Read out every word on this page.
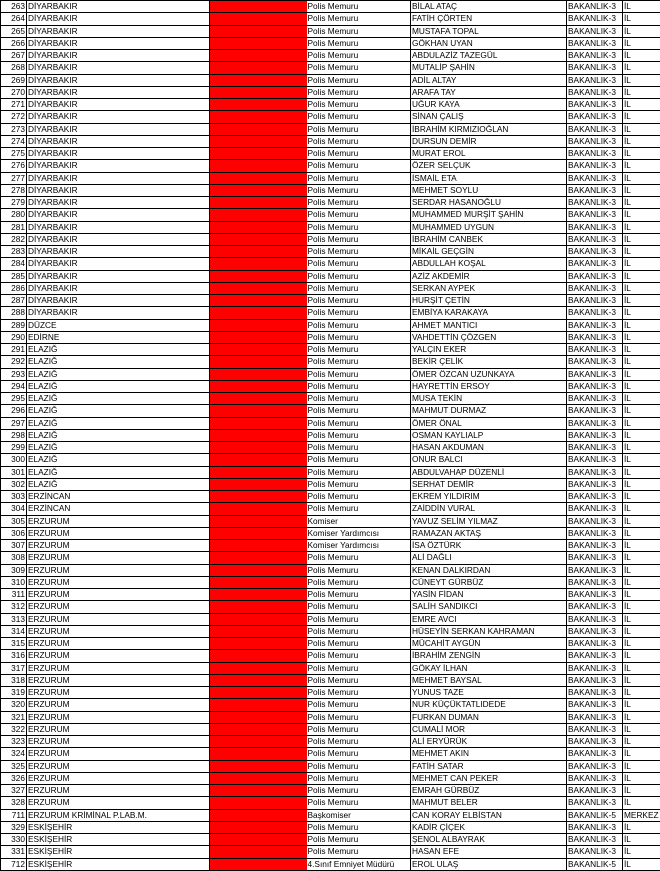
263	DİYARBAKIR		Polis Memuru	BİLAL ATAÇ	BAKANLIK-3	İL
264	DİYARBAKIR		Polis Memuru	FATİH ÇÖRTEN	BAKANLIK-3	İL
265	DİYARBAKIR		Polis Memuru	MUSTAFA TOPAL	BAKANLIK-3	İL
266	DİYARBAKIR		Polis Memuru	GÖKHAN UYAN	BAKANLIK-3	İL
267	DİYARBAKIR		Polis Memuru	ABDULAZİZ TAZEGÜL	BAKANLIK-3	İL
268	DİYARBAKIR		Polis Memuru	MUTALİP ŞAHİN	BAKANLIK-3	İL
269	DİYARBAKIR		Polis Memuru	ADİL ALTAY	BAKANLIK-3	İL
270	DİYARBAKIR		Polis Memuru	ARAFA TAY	BAKANLIK-3	İL
271	DİYARBAKIR		Polis Memuru	UĞUR KAYA	BAKANLIK-3	İL
272	DİYARBAKIR		Polis Memuru	SİNAN ÇALIŞ	BAKANLIK-3	İL
273	DİYARBAKIR		Polis Memuru	İBRAHİM KIRMIZIOĞLAN	BAKANLIK-3	İL
274	DİYARBAKIR		Polis Memuru	DURSUN DEMİR	BAKANLIK-3	İL
275	DİYARBAKIR		Polis Memuru	MURAT EROL	BAKANLIK-3	İL
276	DİYARBAKIR		Polis Memuru	ÖZER SELÇUK	BAKANLIK-3	İL
277	DİYARBAKIR		Polis Memuru	İSMAİL ETA	BAKANLIK-3	İL
278	DİYARBAKIR		Polis Memuru	MEHMET SOYLU	BAKANLIK-3	İL
279	DİYARBAKIR		Polis Memuru	SERDAR HASANOĞLU	BAKANLIK-3	İL
280	DİYARBAKIR		Polis Memuru	MUHAMMED MURŞİT ŞAHİN	BAKANLIK-3	İL
281	DİYARBAKIR		Polis Memuru	MUHAMMED UYGUN	BAKANLIK-3	İL
282	DİYARBAKIR		Polis Memuru	İBRAHİM CANBEK	BAKANLIK-3	İL
283	DİYARBAKIR		Polis Memuru	MİKAİL GEÇGİN	BAKANLIK-3	İL
284	DİYARBAKIR		Polis Memuru	ABDULLAH KOŞAL	BAKANLIK-3	İL
285	DİYARBAKIR		Polis Memuru	AZİZ AKDEMİR	BAKANLIK-3	İL
286	DİYARBAKIR		Polis Memuru	SERKAN AYPEK	BAKANLIK-3	İL
287	DİYARBAKIR		Polis Memuru	HURŞİT ÇETİN	BAKANLIK-3	İL
288	DİYARBAKIR		Polis Memuru	EMBİYA KARAKAYA	BAKANLIK-3	İL
289	DÜZCE		Polis Memuru	AHMET MANTICI	BAKANLIK-3	İL
290	EDİRNE		Polis Memuru	VAHDETTİN ÇÖZGEN	BAKANLIK-3	İL
291	ELAZIĞ		Polis Memuru	YALÇIN EKER	BAKANLIK-3	İL
292	ELAZIĞ		Polis Memuru	BEKİR ÇELİK	BAKANLIK-3	İL
293	ELAZIĞ		Polis Memuru	ÖMER ÖZCAN UZUNKAYA	BAKANLIK-3	İL
294	ELAZIĞ		Polis Memuru	HAYRETTİN ERSOY	BAKANLIK-3	İL
295	ELAZIĞ		Polis Memuru	MUSA TEKİN	BAKANLIK-3	İL
296	ELAZIĞ		Polis Memuru	MAHMUT DURMAZ	BAKANLIK-3	İL
297	ELAZIĞ		Polis Memuru	ÖMER ÖNAL	BAKANLIK-3	İL
298	ELAZIĞ		Polis Memuru	OSMAN KAYLIALP	BAKANLIK-3	İL
299	ELAZIĞ		Polis Memuru	HASAN AKDUMAN	BAKANLIK-3	İL
300	ELAZIĞ		Polis Memuru	ONUR BALCI	BAKANLIK-3	İL
301	ELAZIĞ		Polis Memuru	ABDULVAHAP DÜZENLİ	BAKANLIK-3	İL
302	ELAZIĞ		Polis Memuru	SERHAT DEMİR	BAKANLIK-3	İL
303	ERZİNCAN		Polis Memuru	EKREM YILDIRIM	BAKANLIK-3	İL
304	ERZİNCAN		Polis Memuru	ZAİDDİN VURAL	BAKANLIK-3	İL
305	ERZURUM		Komiser	YAVUZ SELİM YILMAZ	BAKANLIK-3	İL
306	ERZURUM		Komiser Yardımcısı	RAMAZAN AKTAŞ	BAKANLIK-3	İL
307	ERZURUM		Komiser Yardımcısı	İSA ÖZTÜRK	BAKANLIK-3	İL
308	ERZURUM		Polis Memuru	ALİ DAĞLI	BAKANLIK-3	İL
309	ERZURUM		Polis Memuru	KENAN DALKIRDAN	BAKANLIK-3	İL
310	ERZURUM		Polis Memuru	CÜNEYT GÜRBÜZ	BAKANLIK-3	İL
311	ERZURUM		Polis Memuru	YASİN FİDAN	BAKANLIK-3	İL
312	ERZURUM		Polis Memuru	SALİH SANDIKCI	BAKANLIK-3	İL
313	ERZURUM		Polis Memuru	EMRE AVCI	BAKANLIK-3	İL
314	ERZURUM		Polis Memuru	HÜSEYİN SERKAN KAHRAMAN	BAKANLIK-3	İL
315	ERZURUM		Polis Memuru	MÜCAHİT AYGÜN	BAKANLIK-3	İL
316	ERZURUM		Polis Memuru	İBRAHİM ZENGİN	BAKANLIK-3	İL
317	ERZURUM		Polis Memuru	GÖKAY İLHAN	BAKANLIK-3	İL
318	ERZURUM		Polis Memuru	MEHMET BAYSAL	BAKANLIK-3	İL
319	ERZURUM		Polis Memuru	YUNUS TAZE	BAKANLIK-3	İL
320	ERZURUM		Polis Memuru	NUR KÜÇÜKTATLIDEDE	BAKANLIK-3	İL
321	ERZURUM		Polis Memuru	FURKAN DUMAN	BAKANLIK-3	İL
322	ERZURUM		Polis Memuru	CUMALİ MOR	BAKANLIK-3	İL
323	ERZURUM		Polis Memuru	ALİ ERYÜRÜK	BAKANLIK-3	İL
324	ERZURUM		Polis Memuru	MEHMET AKIN	BAKANLIK-3	İL
325	ERZURUM		Polis Memuru	FATİH SATAR	BAKANLIK-3	İL
326	ERZURUM		Polis Memuru	MEHMET CAN PEKER	BAKANLIK-3	İL
327	ERZURUM		Polis Memuru	EMRAH GÜRBÜZ	BAKANLIK-3	İL
328	ERZURUM		Polis Memuru	MAHMUT BELER	BAKANLIK-3	İL
711	ERZURUM KRİMİNAL P.LAB.M.		Başkomiser	CAN KORAY ELBİSTAN	BAKANLIK-5	MERKEZ
329	ESKİŞEHİR		Polis Memuru	KADİR ÇİÇEK	BAKANLIK-3	İL
330	ESKİŞEHİR		Polis Memuru	ŞENOL ALBAYRAK	BAKANLIK-3	İL
331	ESKİŞEHİR		Polis Memuru	HASAN EFE	BAKANLIK-3	İL
712	ESKİŞEHİR		4.Sınıf Emniyet Müdürü	EROL ULAŞ	BAKANLIK-5	İL
